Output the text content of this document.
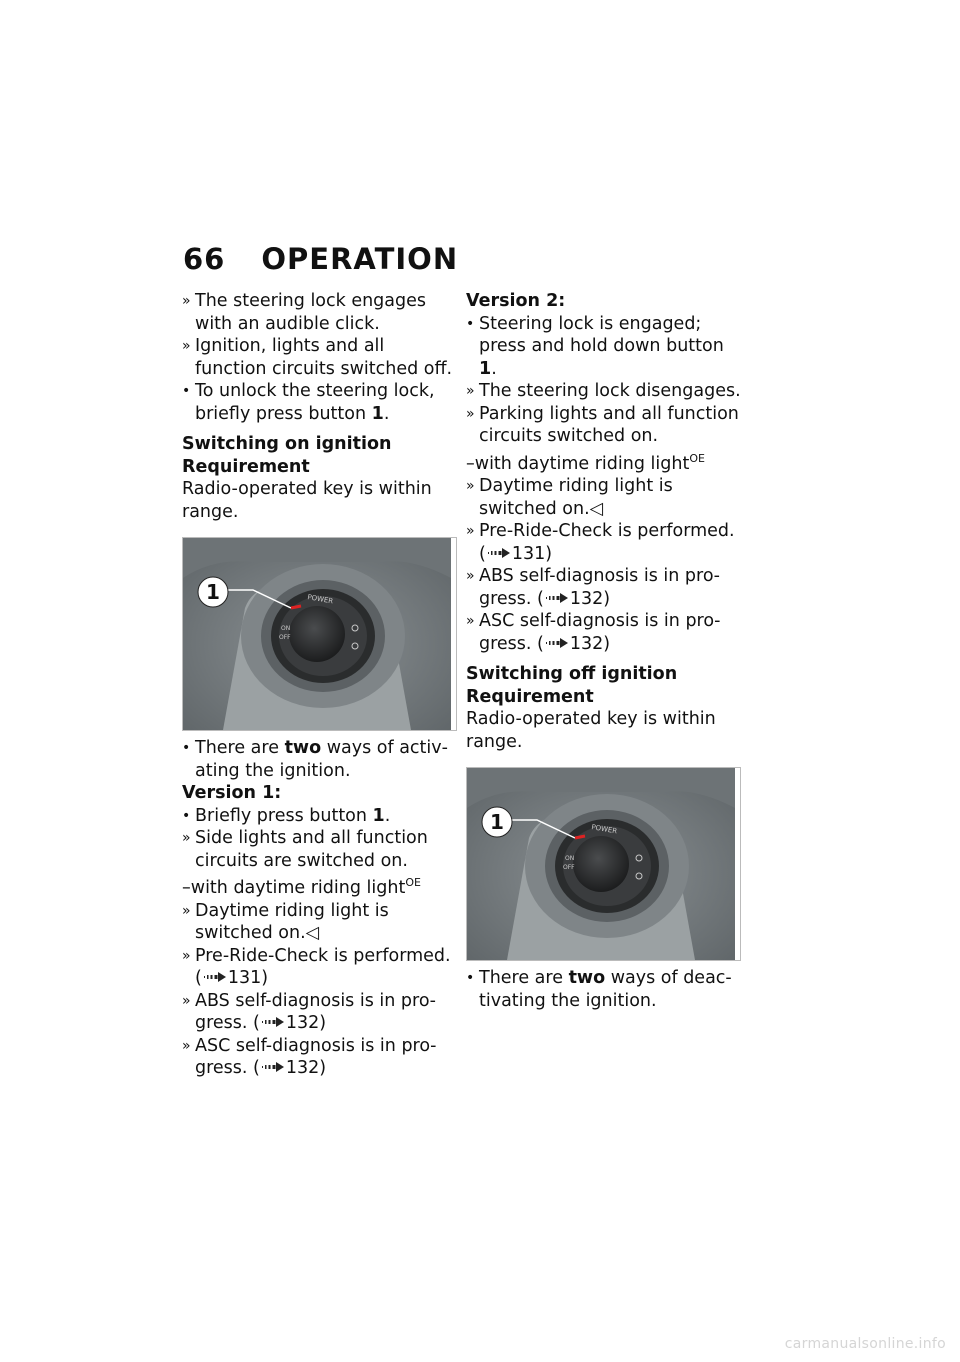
66 OPERATION
» The steering lock engages with an audible click.
» Ignition, lights and all function circuits switched off.
• To unlock the steering lock, briefly press button 1.
Switching on ignition
Requirement
Radio-operated key is within range.
POWER
ON
OFF
1
• There are two ways of activating the ignition.
Version 1:
• Briefly press button 1.
» Side lights and all function circuits are switched on.
–with daytime riding light$^{OE}$
» Daytime riding light is switched on.◁
» Pre-Ride-Check is performed.
( 131)
» ABS self-diagnosis is in progress. ( 132)
» ASC self-diagnosis is in progress. ( 132)
Version 2:
• Steering lock is engaged; press and hold down button 1.
» The steering lock disengages.
» Parking lights and all function circuits switched on.
–with daytime riding light$^{OE}$
» Daytime riding light is switched on.◁
» Pre-Ride-Check is performed.
( 131)
» ABS self-diagnosis is in progress. ( 132)
» ASC self-diagnosis is in progress. ( 132)
Switching off ignition
Requirement
Radio-operated key is within range.
POWER
ON
OFF
1
• There are two ways of deactivating the ignition.
carmanualsonline.info
